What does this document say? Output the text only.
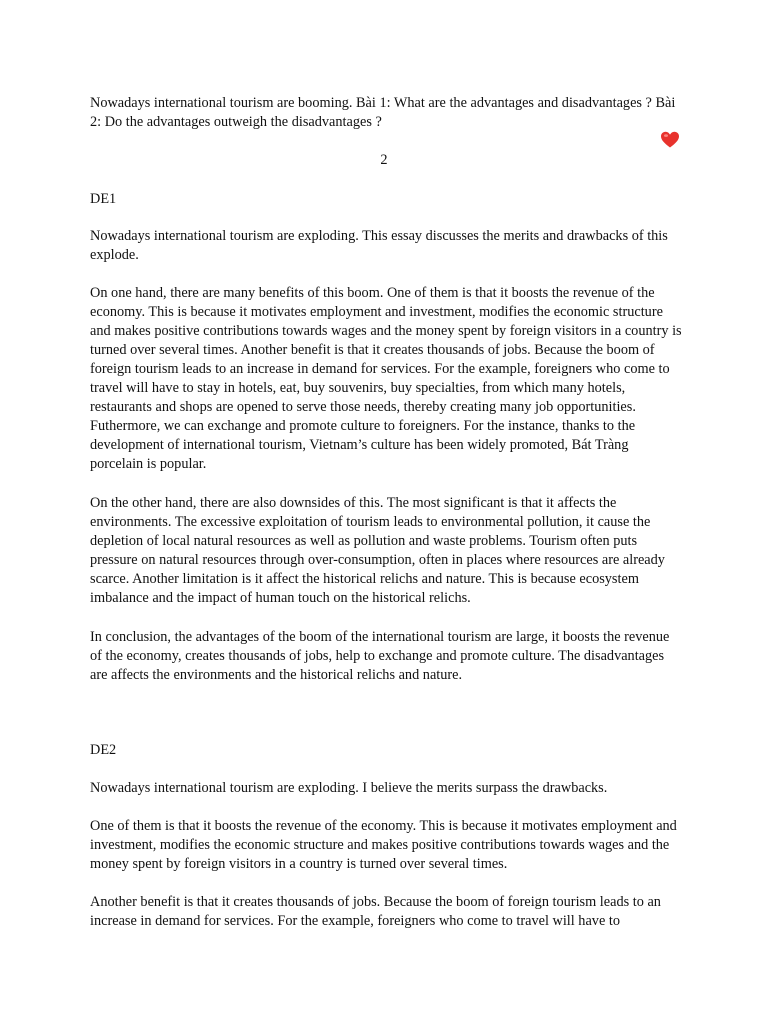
Nowadays international tourism are booming. Bài 1: What are the advantages and disadvantages ? Bài 2: Do the advantages outweigh the disadvantages ?

2

DE1

Nowadays international tourism are exploding. This essay discusses the merits and drawbacks of this explode.

On one hand, there are many benefits of this boom. One of them is that it boosts the revenue of the economy. This is because it motivates employment and investment, modifies the economic structure and makes positive contributions towards wages and the money spent by foreign visitors in a country is turned over several times. Another benefit is that it creates thousands of jobs. Because the boom of foreign tourism leads to an increase in demand for services. For the example, foreigners who come to travel will have to stay in hotels, eat, buy souvenirs, buy specialties, from which many hotels, restaurants and shops are opened to serve those needs, thereby creating many job opportunities. Futhermore, we can exchange and promote culture to foreigners. For the instance, thanks to the development of international tourism, Vietnam’s culture has been widely promoted, Bát Tràng porcelain is popular.

On the other hand, there are also downsides of this. The most significant is that it affects the environments. The excessive exploitation of tourism leads to environmental pollution, it cause the depletion of local natural resources as well as pollution and waste problems. Tourism often puts pressure on natural resources through over-consumption, often in places where resources are already scarce. Another limitation is it affect the historical relichs and nature. This is because ecosystem imbalance and the impact of human touch on the historical relichs.

In conclusion, the advantages of the boom of the international tourism are large, it boosts the revenue of the economy, creates thousands of jobs, help to exchange and promote culture. The disadvantages are affects the environments and the historical relichs and nature.

DE2

Nowadays international tourism are exploding. I believe the merits surpass the drawbacks.

One of them is that it boosts the revenue of the economy. This is because it motivates employment and investment, modifies the economic structure and makes positive contributions towards wages and the money spent by foreign visitors in a country is turned over several times.

Another benefit is that it creates thousands of jobs. Because the boom of foreign tourism leads to an increase in demand for services. For the example, foreigners who come to travel will have to
